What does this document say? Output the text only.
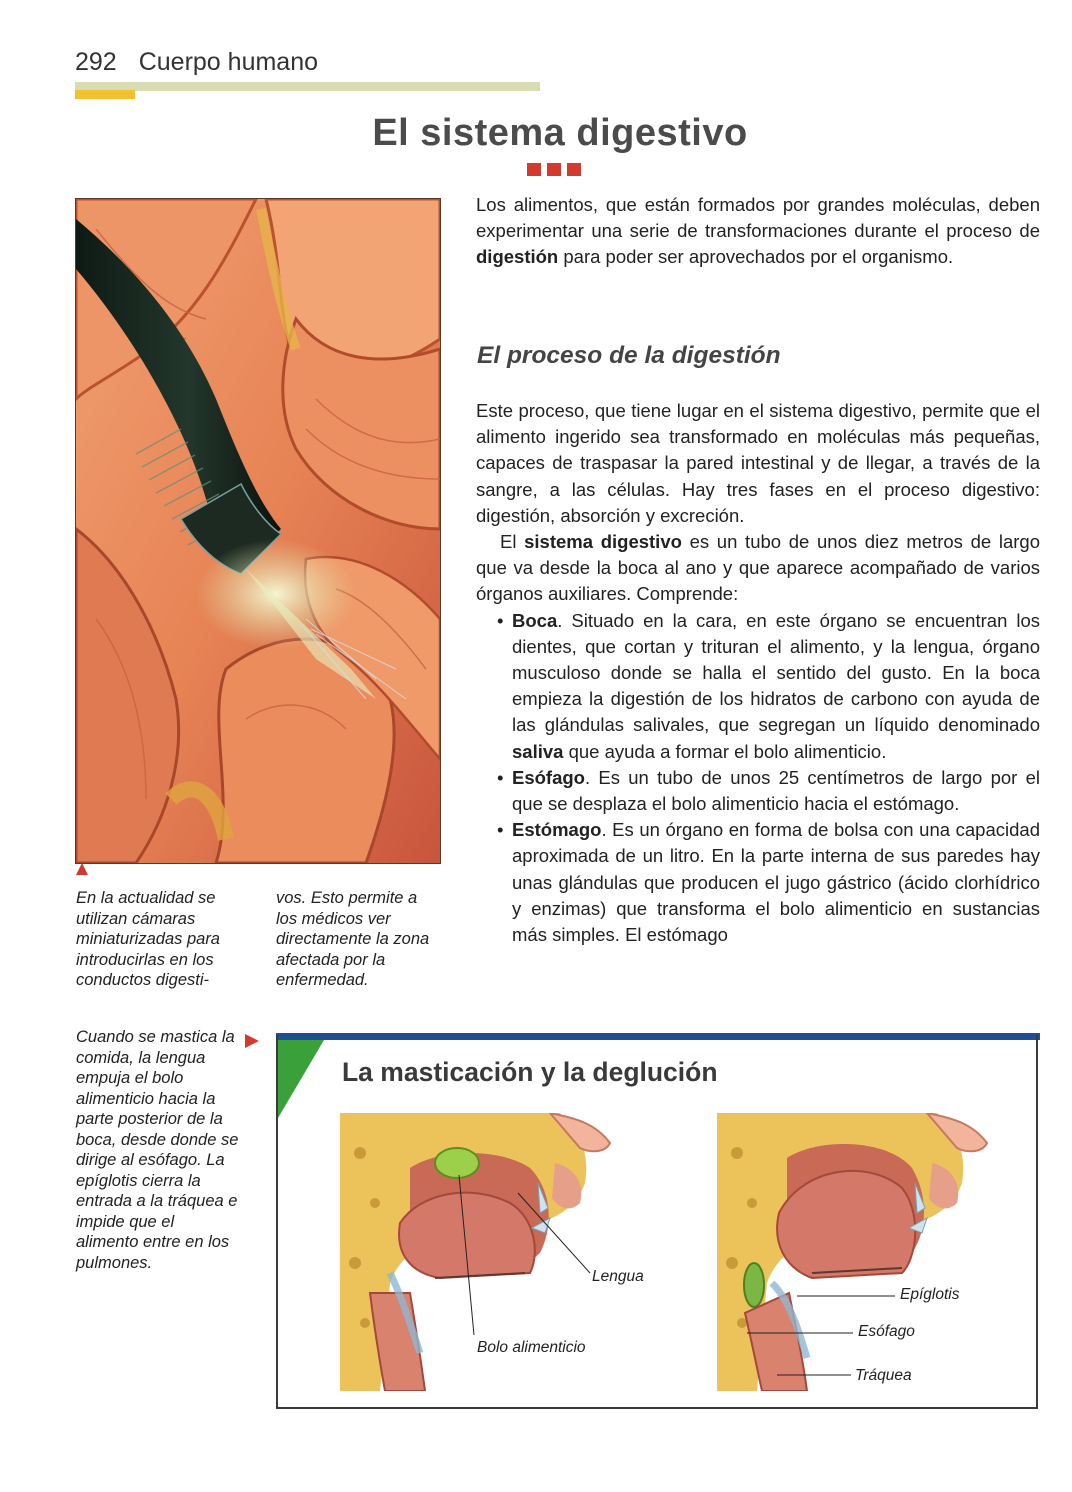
292 Cuerpo humano
El sistema digestivo
En la actualidad se utilizan cámaras miniaturizadas para introducirlas en los conductos digesti-
vos. Esto permite a los médicos ver directamente la zona afectada por la enfermedad.
Cuando se mastica la comida, la lengua empuja el bolo alimenticio hacia la parte posterior de la boca, desde donde se dirige al esófago. La epíglotis cierra la entrada a la tráquea e impide que el alimento entre en los pulmones.
Los alimentos, que están formados por grandes moléculas, deben experimentar una serie de transformaciones durante el proceso de digestión para poder ser aprovechados por el organismo.
El proceso de la digestión
Este proceso, que tiene lugar en el sistema digestivo, permite que el alimento ingerido sea transformado en moléculas más pequeñas, capaces de traspasar la pared intestinal y de llegar, a través de la sangre, a las células. Hay tres fases en el proceso digestivo: digestión, absorción y excreción.
El sistema digestivo es un tubo de unos diez metros de largo que va desde la boca al ano y que aparece acompañado de varios órganos auxiliares. Comprende:
• Boca. Situado en la cara, en este órgano se encuentran los dientes, que cortan y trituran el alimento, y la lengua, órgano musculoso donde se halla el sentido del gusto. En la boca empieza la digestión de los hidratos de carbono con ayuda de las glándulas salivales, que segregan un líquido denominado saliva que ayuda a formar el bolo alimenticio.
• Esófago. Es un tubo de unos 25 centímetros de largo por el que se desplaza el bolo alimenticio hacia el estómago.
• Estómago. Es un órgano en forma de bolsa con una capacidad aproximada de un litro. En la parte interna de sus paredes hay unas glándulas que producen el jugo gástrico (ácido clorhídrico y enzimas) que transforma el bolo alimenticio en sustancias más simples. El estómago
La masticación y la deglución
Lengua
Bolo alimenticio
Epíglotis
Esófago
Tráquea
